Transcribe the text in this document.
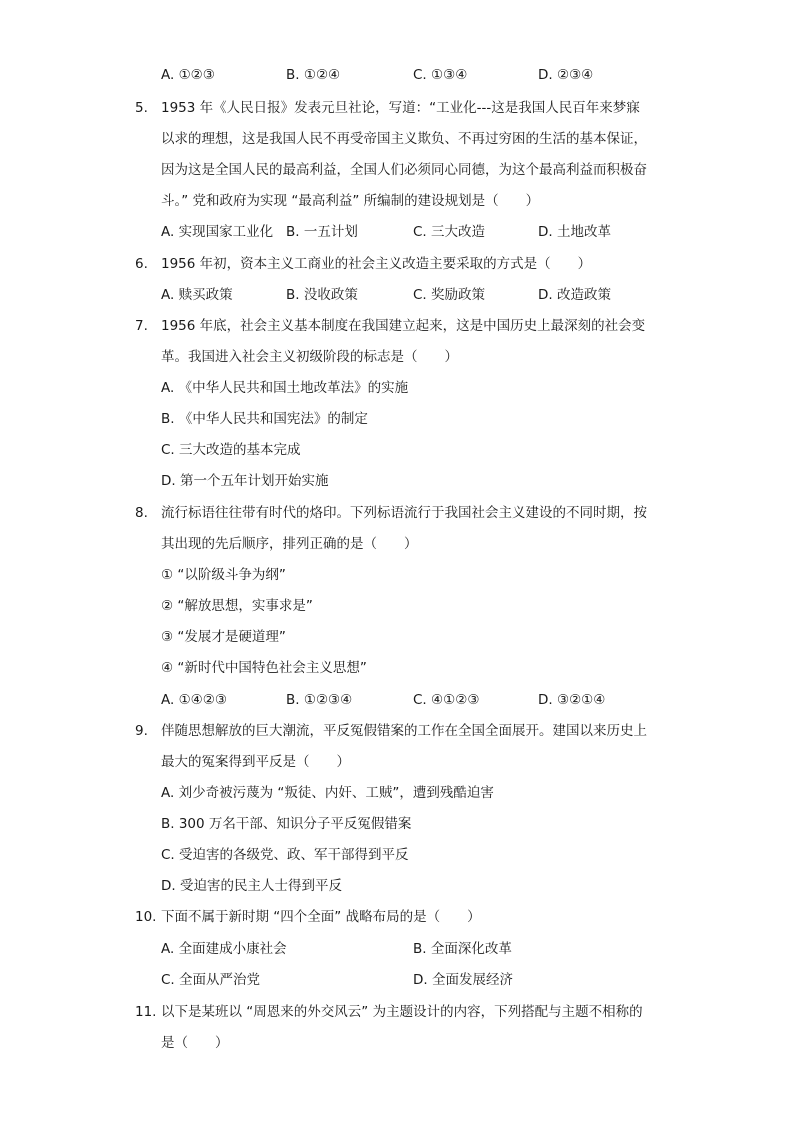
A. ①②③	B. ①②④	C. ①③④	D. ②③④
5. 1953 年《人民日报》发表元旦社论，写道：“工业化---这是我国人民百年来梦寐
以求的理想，这是我国人民不再受帝国主义欺负、不再过穷困的生活的基本保证，
因为这是全国人民的最高利益，全国人们必须同心同德，为这个最高利益而积极奋
斗。” 党和政府为实现 “最高利益” 所编制的建设规划是（　　）
A. 实现国家工业化 B. 一五计划	C. 三大改造	D. 土地改革
6. 1956 年初，资本主义工商业的社会主义改造主要采取的方式是（　　）
A. 赎买政策	B. 没收政策	C. 奖励政策	D. 改造政策
7. 1956 年底，社会主义基本制度在我国建立起来，这是中国历史上最深刻的社会变
革。我国进入社会主义初级阶段的标志是（　　）
A. 《中华人民共和国土地改革法》的实施
B. 《中华人民共和国宪法》的制定
C. 三大改造的基本完成
D. 第一个五年计划开始实施
8. 流行标语往往带有时代的烙印。下列标语流行于我国社会主义建设的不同时期，按
其出现的先后顺序，排列正确的是（　　）
① “以阶级斗争为纲”
② “解放思想，实事求是”
③ “发展才是硬道理”
④ “新时代中国特色社会主义思想”
A. ①④②③	B. ①②③④	C. ④①②③	D. ③②①④
9. 伴随思想解放的巨大潮流，平反冤假错案的工作在全国全面展开。建国以来历史上
最大的冤案得到平反是（　　）
A. 刘少奇被污蔑为 “叛徒、内奸、工贼”，遭到残酷迫害
B. 300 万名干部、知识分子平反冤假错案
C. 受迫害的各级党、政、军干部得到平反
D. 受迫害的民主人士得到平反
10. 下面不属于新时期 “四个全面” 战略布局的是（　　）
A. 全面建成小康社会	B. 全面深化改革
C. 全面从严治党	D. 全面发展经济
11. 以下是某班以 “周恩来的外交风云” 为主题设计的内容，下列搭配与主题不相称的
是（　　）
